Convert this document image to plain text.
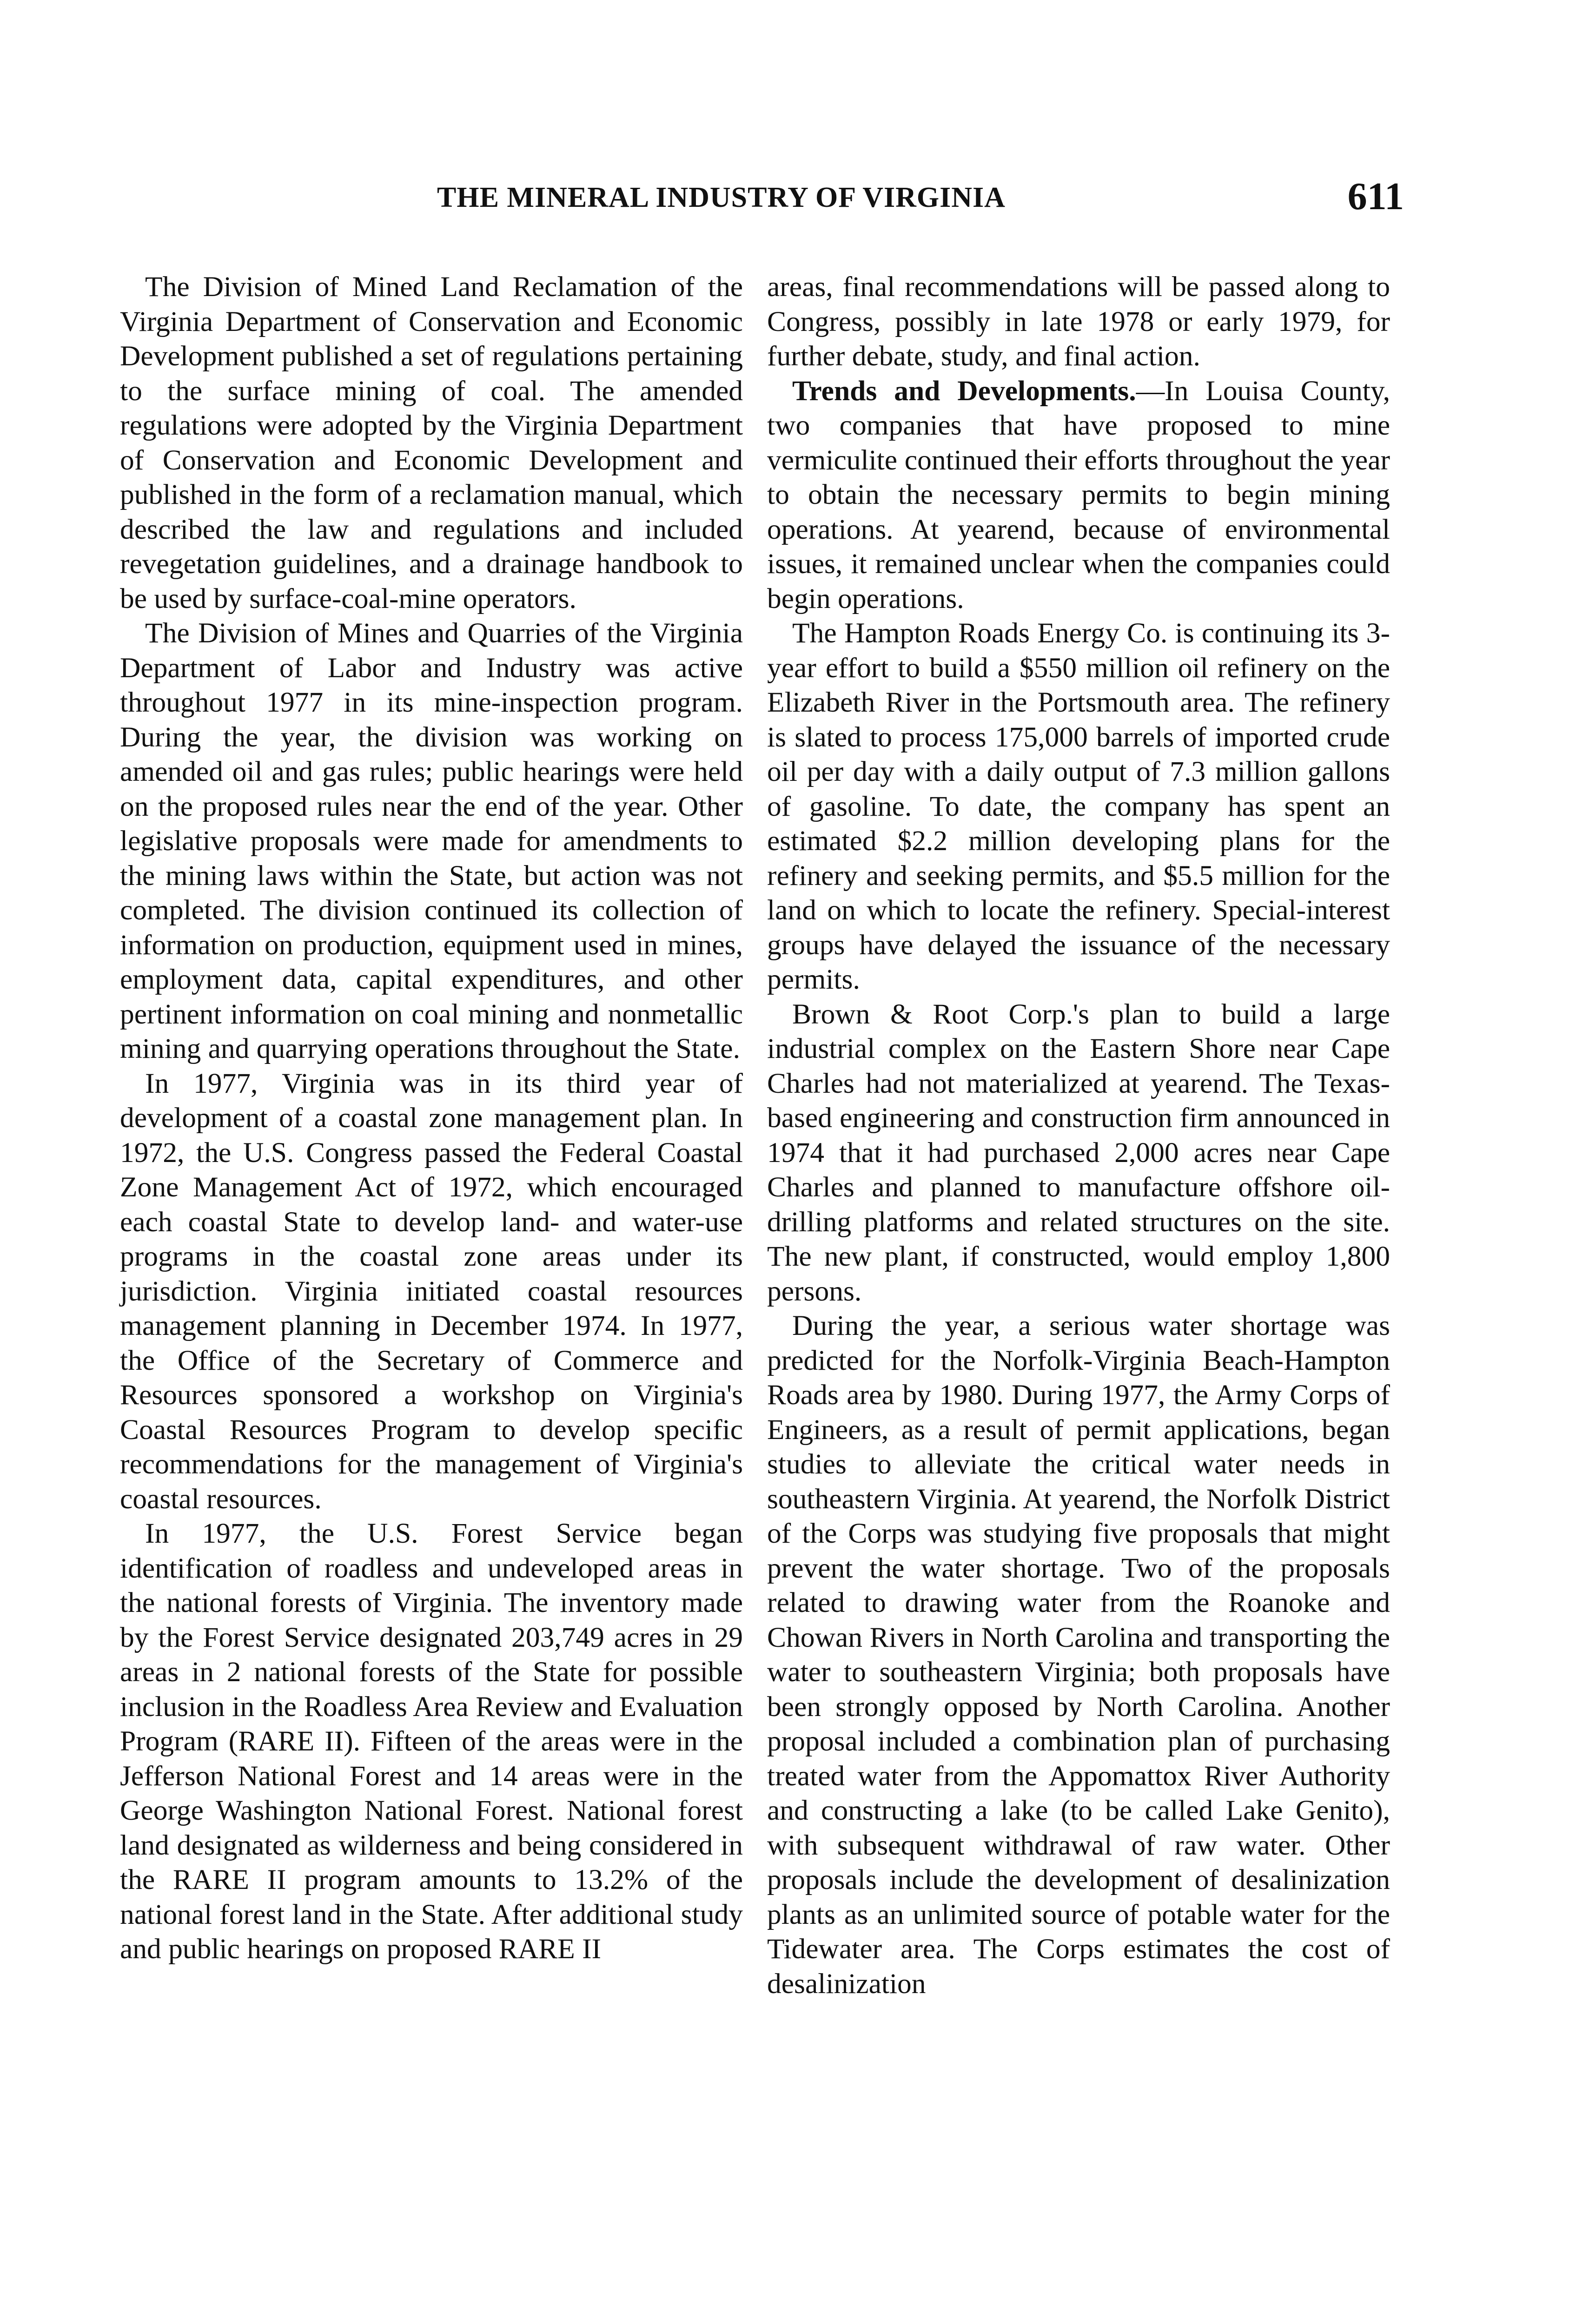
THE MINERAL INDUSTRY OF VIRGINIA	611

The Division of Mined Land Reclamation of the Virginia Department of Conservation and Economic Development published a set of regulations pertaining to the surface mining of coal. The amended regulations were adopted by the Virginia Department of Conservation and Economic Development and published in the form of a reclamation manual, which described the law and regulations and included revegetation guidelines, and a drainage handbook to be used by surface-coal-mine operators.

The Division of Mines and Quarries of the Virginia Department of Labor and Industry was active throughout 1977 in its mine-inspection program. During the year, the division was working on amended oil and gas rules; public hearings were held on the proposed rules near the end of the year. Other legislative proposals were made for amendments to the mining laws within the State, but action was not completed. The division continued its collection of information on production, equipment used in mines, employment data, capital expenditures, and other pertinent information on coal mining and nonmetallic mining and quarrying operations throughout the State.

In 1977, Virginia was in its third year of development of a coastal zone management plan. In 1972, the U.S. Congress passed the Federal Coastal Zone Management Act of 1972, which encouraged each coastal State to develop land- and water-use programs in the coastal zone areas under its jurisdiction. Virginia initiated coastal resources management planning in December 1974. In 1977, the Office of the Secretary of Commerce and Resources sponsored a workshop on Virginia's Coastal Resources Program to develop specific recommendations for the management of Virginia's coastal resources.

In 1977, the U.S. Forest Service began identification of roadless and undeveloped areas in the national forests of Virginia. The inventory made by the Forest Service designated 203,749 acres in 29 areas in 2 national forests of the State for possible inclusion in the Roadless Area Review and Evaluation Program (RARE II). Fifteen of the areas were in the Jefferson National Forest and 14 areas were in the George Washington National Forest. National forest land designated as wilderness and being considered in the RARE II program amounts to 13.2% of the national forest land in the State. After additional study and public hearings on proposed RARE II

areas, final recommendations will be passed along to Congress, possibly in late 1978 or early 1979, for further debate, study, and final action.

Trends and Developments.—In Louisa County, two companies that have proposed to mine vermiculite continued their efforts throughout the year to obtain the necessary permits to begin mining operations. At yearend, because of environmental issues, it remained unclear when the companies could begin operations.

The Hampton Roads Energy Co. is continuing its 3-year effort to build a $550 million oil refinery on the Elizabeth River in the Portsmouth area. The refinery is slated to process 175,000 barrels of imported crude oil per day with a daily output of 7.3 million gallons of gasoline. To date, the company has spent an estimated $2.2 million developing plans for the refinery and seeking permits, and $5.5 million for the land on which to locate the refinery. Special-interest groups have delayed the issuance of the necessary permits.

Brown & Root Corp.'s plan to build a large industrial complex on the Eastern Shore near Cape Charles had not materialized at yearend. The Texas-based engineering and construction firm announced in 1974 that it had purchased 2,000 acres near Cape Charles and planned to manufacture offshore oil-drilling platforms and related structures on the site. The new plant, if constructed, would employ 1,800 persons.

During the year, a serious water shortage was predicted for the Norfolk-Virginia Beach-Hampton Roads area by 1980. During 1977, the Army Corps of Engineers, as a result of permit applications, began studies to alleviate the critical water needs in southeastern Virginia. At yearend, the Norfolk District of the Corps was studying five proposals that might prevent the water shortage. Two of the proposals related to drawing water from the Roanoke and Chowan Rivers in North Carolina and transporting the water to southeastern Virginia; both proposals have been strongly opposed by North Carolina. Another proposal included a combination plan of purchasing treated water from the Appomattox River Authority and constructing a lake (to be called Lake Genito), with subsequent withdrawal of raw water. Other proposals include the development of desalinization plants as an unlimited source of potable water for the Tidewater area. The Corps estimates the cost of desalinization
